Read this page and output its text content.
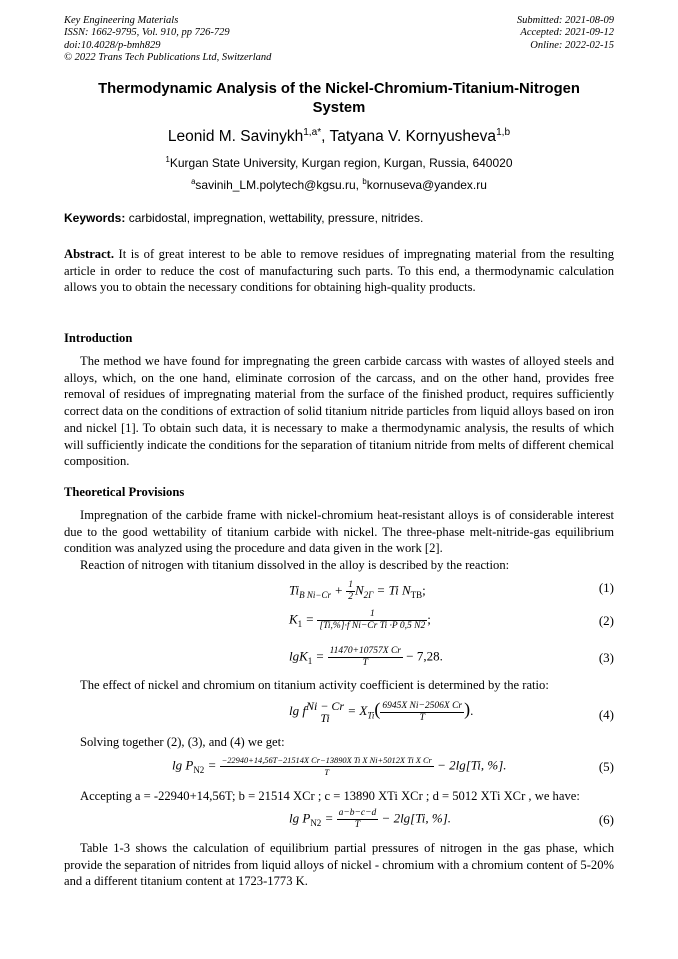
Key Engineering Materials
ISSN: 1662-9795, Vol. 910, pp 726-729
doi:10.4028/p-bmh829
© 2022 Trans Tech Publications Ltd, Switzerland
Submitted: 2021-08-09
Accepted: 2021-09-12
Online: 2022-02-15
Thermodynamic Analysis of the Nickel-Chromium-Titanium-Nitrogen
System
Leonid M. Savinykh$^{1,a*}$, Tatyana V. Kornyusheva$^{1,b}$
$^1$Kurgan State University, Kurgan region, Kurgan, Russia, 640020
$^a$savinih_LM.polytech@kgsu.ru, $^b$kornuseva@yandex.ru
Keywords: carbidostal, impregnation, wettability, pressure, nitrides.
Abstract. It is of great interest to be able to remove residues of impregnating material from the resulting article in order to reduce the cost of manufacturing such parts. To this end, a thermodynamic calculation allows you to obtain the necessary conditions for obtaining high-quality products.
Introduction
The method we have found for impregnating the green carbide carcass with wastes of alloyed steels and alloys, which, on the one hand, eliminate corrosion of the carcass, and on the other hand, provides free removal of residues of impregnating material from the surface of the finished product, requires sufficiently correct data on the conditions of extraction of solid titanium nitride particles from liquid alloys based on iron and nickel [1]. To obtain such data, it is necessary to make a thermodynamic analysis, the results of which will sufficiently indicate the conditions for the separation of titanium nitride from melts of different chemical composition.
Theoretical Provisions
Impregnation of the carbide frame with nickel-chromium heat-resistant alloys is of considerable interest due to the good wettability of titanium carbide with nickel. The three-phase melt-nitride-gas equilibrium condition was analyzed using the procedure and data given in the work [2].
Reaction of nitrogen with titanium dissolved in the alloy is described by the reaction:
$Ti_{B Ni-Cr} + \frac{1}{2} N_{2\Gamma} = Ti$ $N_{TB}$;	(1)
$K_1 = \frac{1}{\text{[Ti,\%]·f Ni−Cr Ti ·P 0,5 N2}}$ ;	(2)
$\lg K_1 = \frac{\text{11470+10757X Cr}}{T} - 7,28$.	(3)
The effect of nickel and chromium on titanium activity coefficient is determined by the ratio:
lg f Ni − Cr
Ti
= $X_{Ti}( \frac{\text{6945X Ni−2506X Cr}}{T}$ ).	(4)
Solving together (2), (3), and (4) we get:
$\lg P_{N2} = \frac{\text{−22940+14,56T−21514X Cr−13890X Ti X Ni+5012X Ti X Cr}}{T} - 2\lg[Ti$, %].	(5)
Accepting a = -22940+14,56T; b = 21514 XCr ; c = 13890 XTi XCr ; d = 5012 XTi XCr , we have:
$\lg P_{N2} = \frac{a-b-c-d}{T} - 2\lg[Ti$, %].	(6)
Table 1-3 shows the calculation of equilibrium partial pressures of nitrogen in the gas phase, which provide the separation of nitrides from liquid alloys of nickel - chromium with a chromium content of 5-20% and a different titanium content at 1723-1773 K.
